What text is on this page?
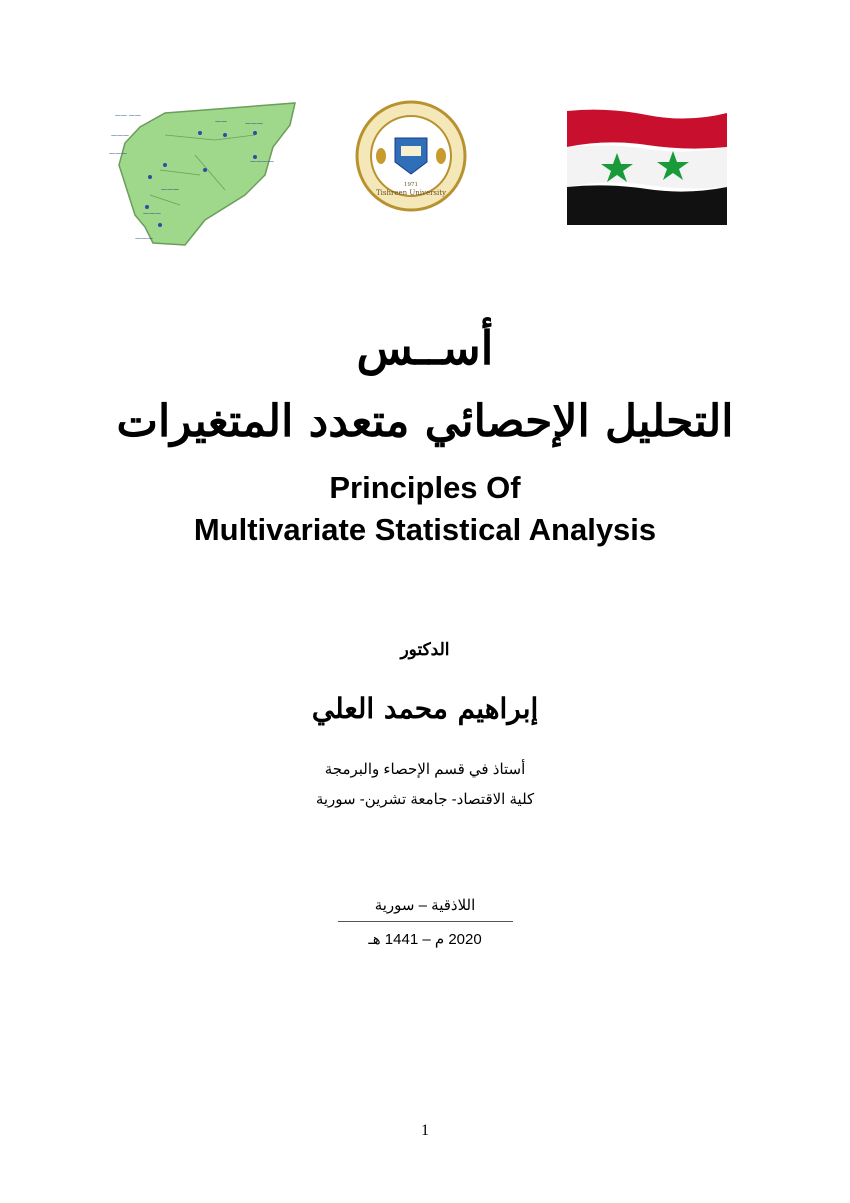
—— ——
———
———
——	———
————
———
———
———
1971
Tishreen University
أســس
التحليل الإحصائي متعدد المتغيرات
Principles Of
Multivariate Statistical Analysis
الدكتور
إبراهيم محمد العلي
أستاذ في قسم الإحصاء والبرمجة
كلية الاقتصاد- جامعة تشرين- سورية
اللاذقية – سورية
2020 م – 1441 هـ
1
